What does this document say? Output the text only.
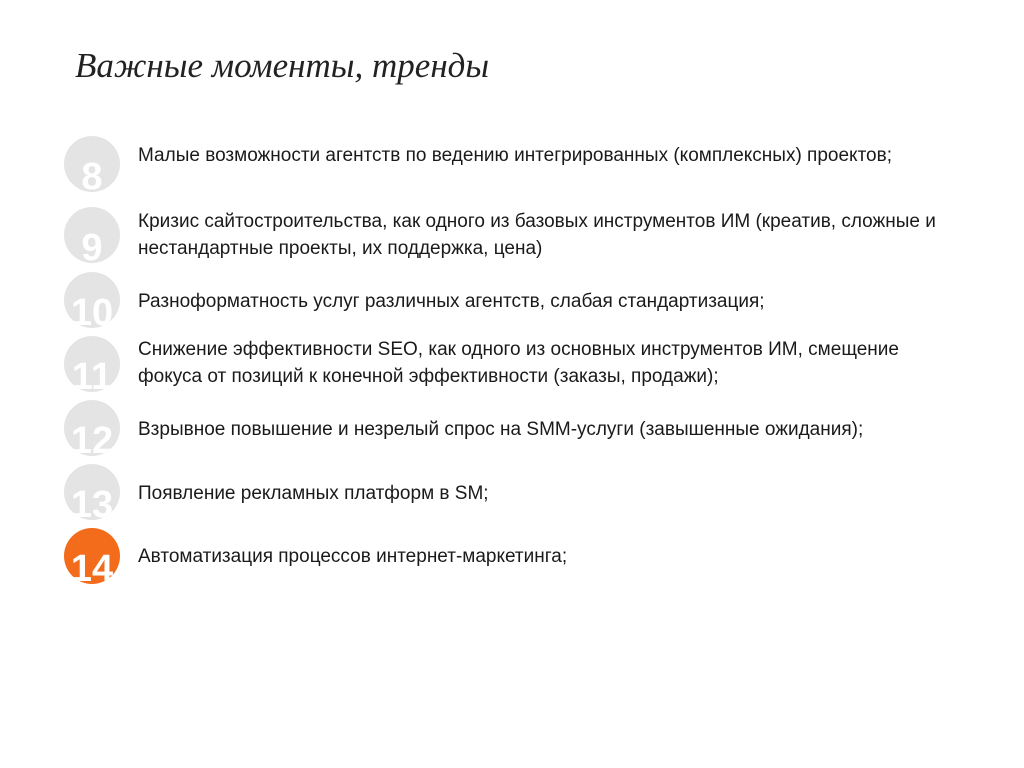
Важные моменты, тренды
8

Малые возможности агентств по ведению интегрированных (комплексных) проектов;

9

Кризис сайтостроительства, как одного из базовых инструментов ИМ (креатив, сложные и нестандартные проекты, их поддержка, цена)

10	Разноформатность услуг различных агентств, слабая стандартизация;

11

Снижение эффективности SEO, как одного из основных инструментов ИМ, смещение фокуса от позиций к конечной эффективности (заказы, продажи);

12	Взрывное повышение и незрелый спрос на SMM-услуги (завышенные ожидания);

13	Появление рекламных платформ в SM;

14	Автоматизация процессов интернет-маркетинга;
